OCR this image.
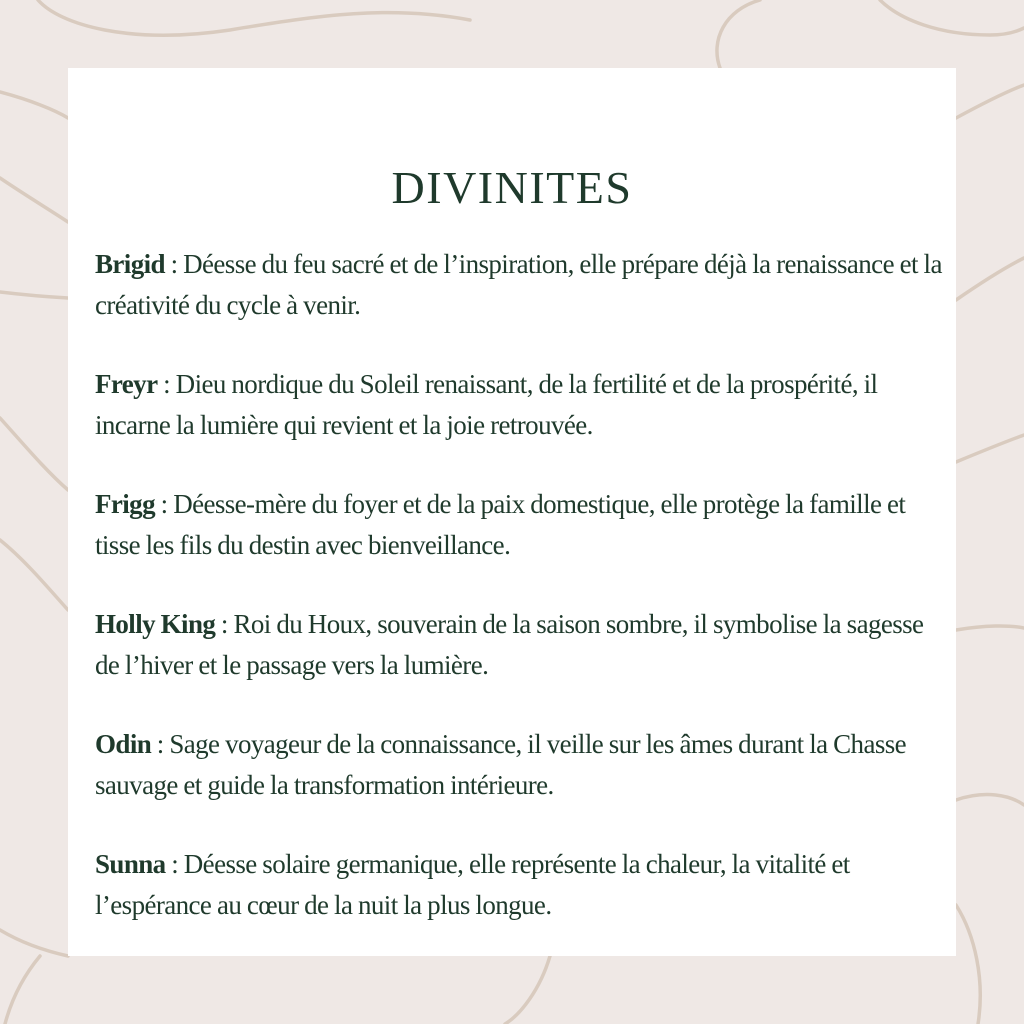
DIVINITES

Brigid : Déesse du feu sacré et de l’inspiration, elle prépare déjà la renaissance et la créativité du cycle à venir.

Freyr : Dieu nordique du Soleil renaissant, de la fertilité et de la prospérité, il incarne la lumière qui revient et la joie retrouvée.

Frigg : Déesse-mère du foyer et de la paix domestique, elle protège la famille et tisse les fils du destin avec bienveillance.

Holly King : Roi du Houx, souverain de la saison sombre, il symbolise la sagesse de l’hiver et le passage vers la lumière.

Odin : Sage voyageur de la connaissance, il veille sur les âmes durant la Chasse sauvage et guide la transformation intérieure.

Sunna : Déesse solaire germanique, elle représente la chaleur, la vitalité et l’espérance au cœur de la nuit la plus longue.
